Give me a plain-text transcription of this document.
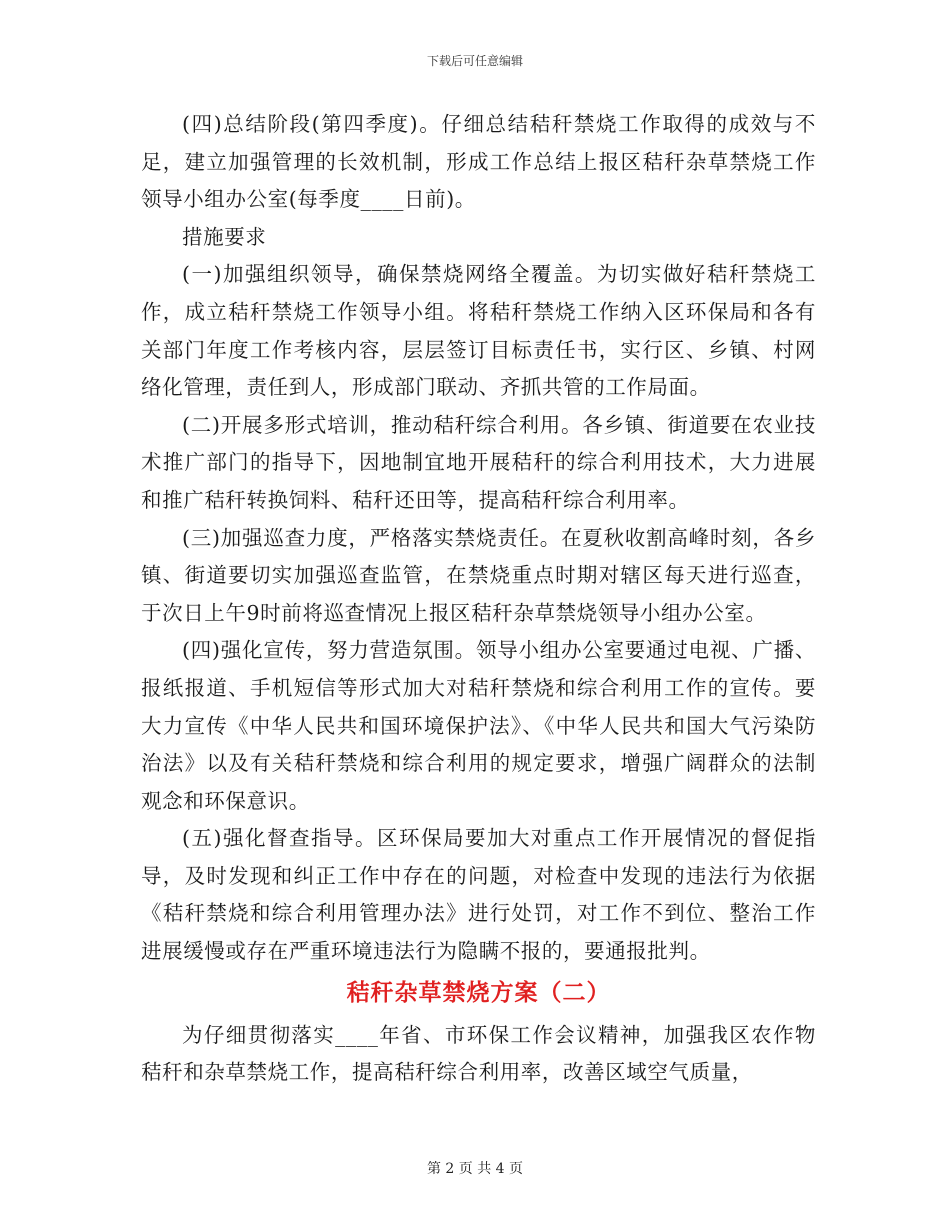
下载后可任意编辑

(四)总结阶段(第四季度)。仔细总结秸秆禁烧工作取得的成效与不足，建立加强管理的长效机制，形成工作总结上报区秸秆杂草禁烧工作领导小组办公室(每季度____日前)。

措施要求

(一)加强组织领导，确保禁烧网络全覆盖。为切实做好秸秆禁烧工作，成立秸秆禁烧工作领导小组。将秸秆禁烧工作纳入区环保局和各有关部门年度工作考核内容，层层签订目标责任书，实行区、乡镇、村网络化管理，责任到人，形成部门联动、齐抓共管的工作局面。

(二)开展多形式培训，推动秸秆综合利用。各乡镇、街道要在农业技术推广部门的指导下，因地制宜地开展秸秆的综合利用技术，大力进展和推广秸秆转换饲料、秸秆还田等，提高秸秆综合利用率。

(三)加强巡查力度，严格落实禁烧责任。在夏秋收割高峰时刻，各乡镇、街道要切实加强巡查监管，在禁烧重点时期对辖区每天进行巡查，于次日上午9时前将巡查情况上报区秸秆杂草禁烧领导小组办公室。

(四)强化宣传，努力营造氛围。领导小组办公室要通过电视、广播、报纸报道、手机短信等形式加大对秸秆禁烧和综合利用工作的宣传。要大力宣传《中华人民共和国环境保护法》、《中华人民共和国大气污染防治法》以及有关秸秆禁烧和综合利用的规定要求，增强广阔群众的法制观念和环保意识。

(五)强化督查指导。区环保局要加大对重点工作开展情况的督促指导，及时发现和纠正工作中存在的问题，对检查中发现的违法行为依据《秸秆禁烧和综合利用管理办法》进行处罚，对工作不到位、整治工作进展缓慢或存在严重环境违法行为隐瞒不报的，要通报批判。

秸秆杂草禁烧方案（二）

为仔细贯彻落实____年省、市环保工作会议精神，加强我区农作物秸秆和杂草禁烧工作，提高秸秆综合利用率，改善区域空气质量，

第 2 页 共 4 页
